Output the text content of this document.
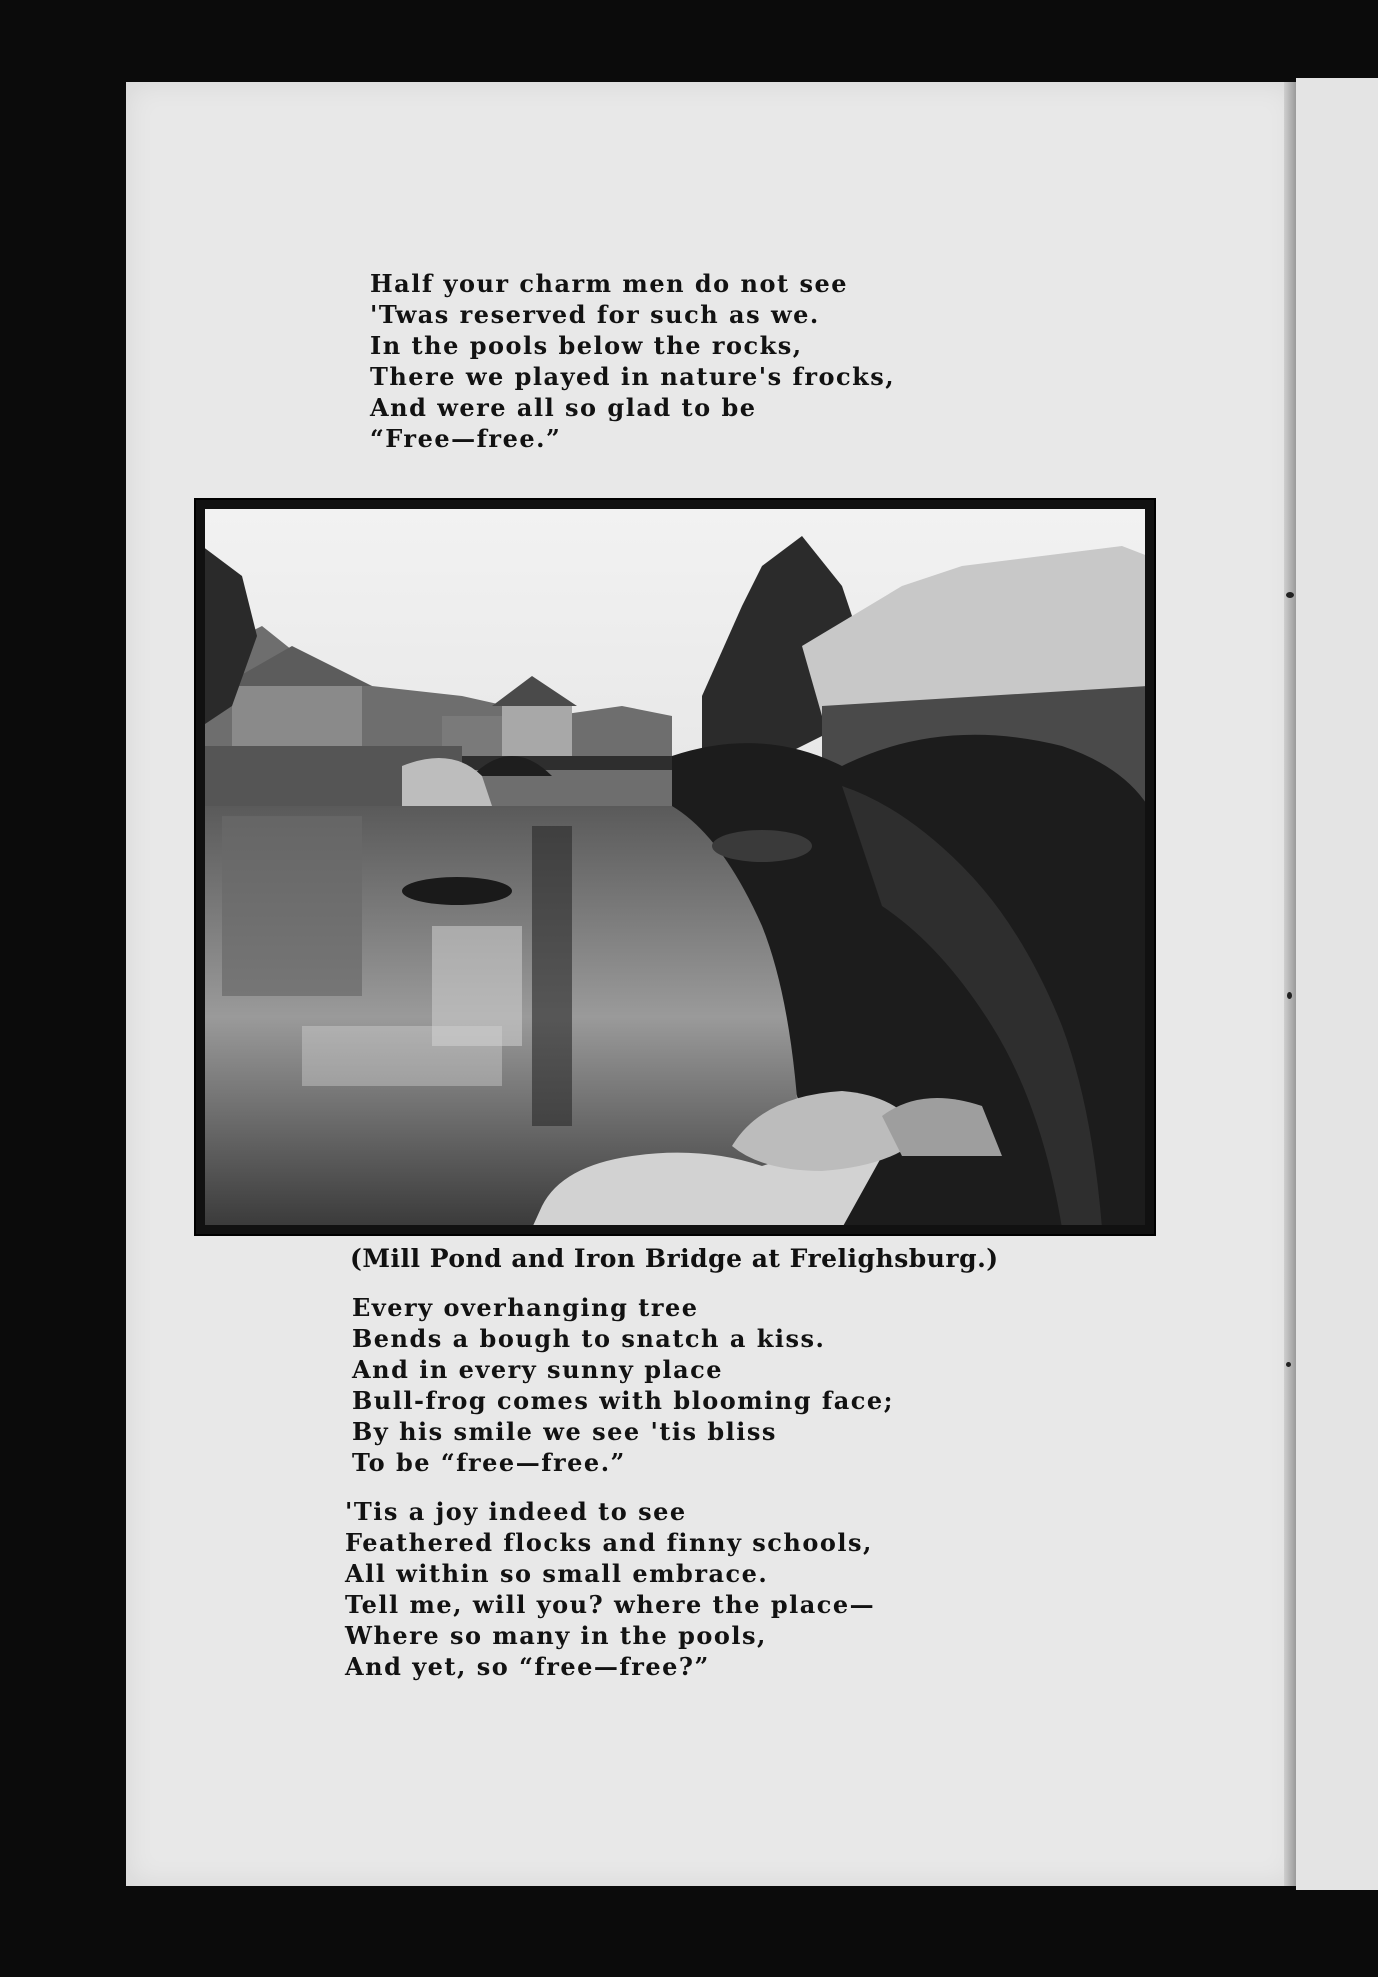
Half your charm men do not see
'Twas reserved for such as we.
In the pools below the rocks,
There we played in nature's frocks,
And were all so glad to be
“Free—free.”

(Mill Pond and Iron Bridge at Frelighsburg.)

Every overhanging tree
Bends a bough to snatch a kiss.
And in every sunny place
Bull-frog comes with blooming face;
By his smile we see 'tis bliss
To be “free—free.”

'Tis a joy indeed to see
Feathered flocks and finny schools,
All within so small embrace.
Tell me, will you? where the place—
Where so many in the pools,
And yet, so “free—free?”
